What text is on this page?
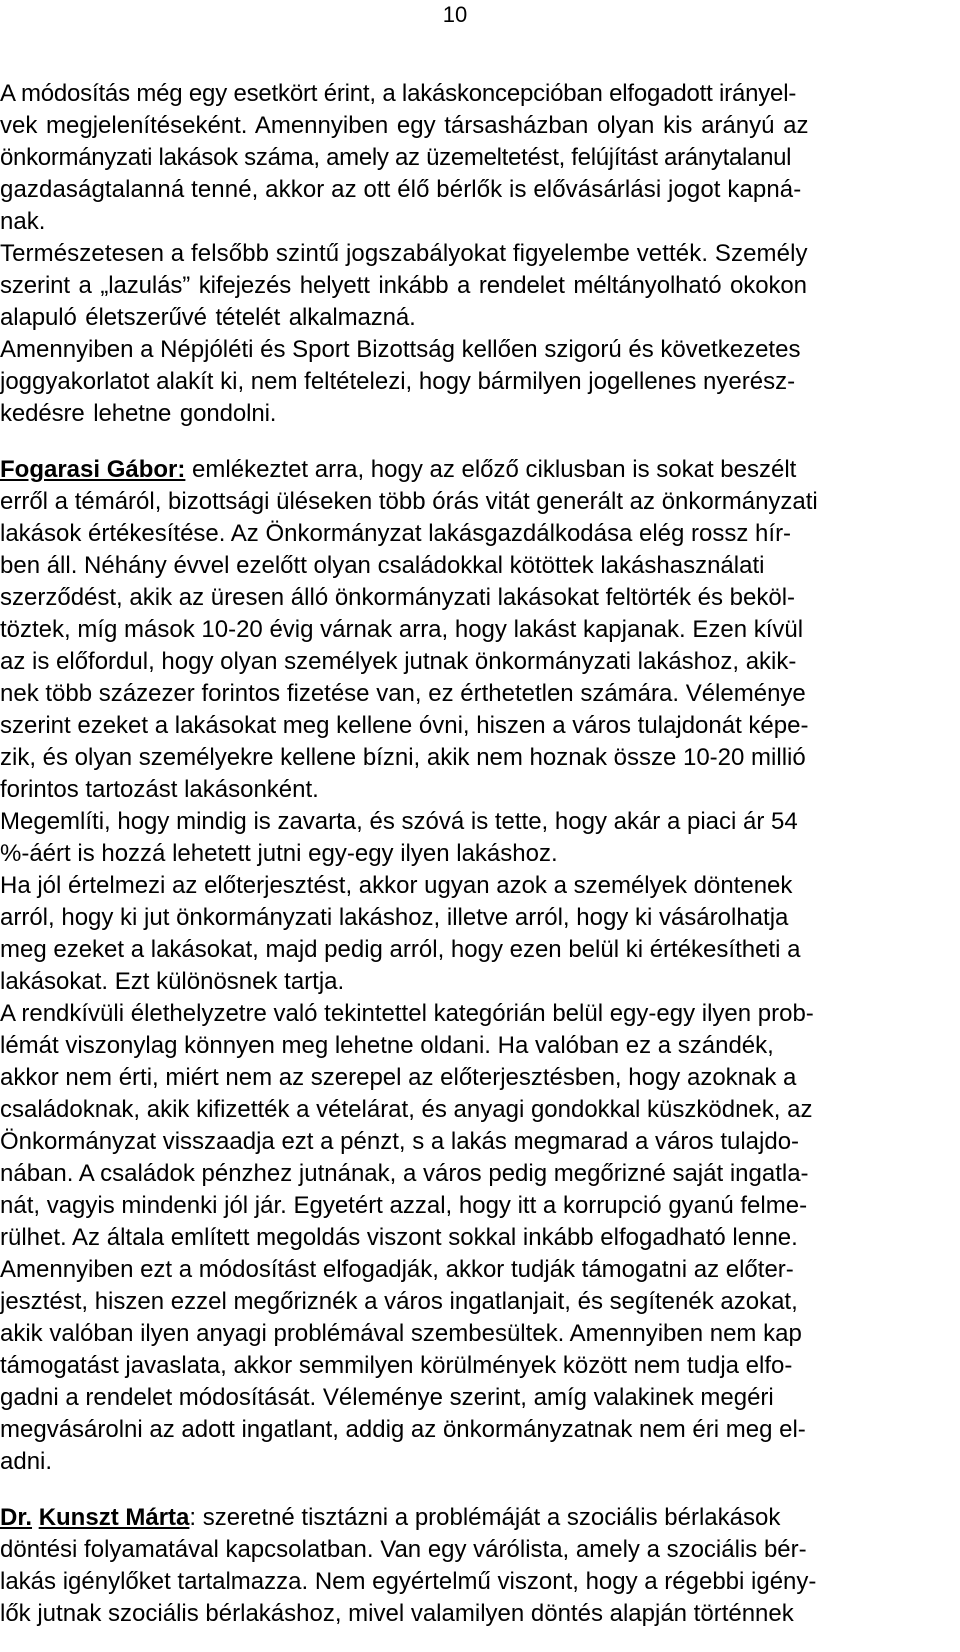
10
A módosítás még egy esetkört érint, a lakáskoncepcióban elfogadott irányel-
vek megjelenítéseként. Amennyiben egy társasházban olyan kis arányú az
önkormányzati lakások száma, amely az üzemeltetést, felújítást aránytalanul
gazdaságtalanná tenné, akkor az ott élő bérlők is elővásárlási jogot kapná-
nak.
Természetesen a felsőbb szintű jogszabályokat figyelembe vették. Személy
szerint a „lazulás” kifejezés helyett inkább a rendelet méltányolható okokon
alapuló életszerűvé tételét alkalmazná.
Amennyiben a Népjóléti és Sport Bizottság kellően szigorú és következetes
joggyakorlatot alakít ki, nem feltételezi, hogy bármilyen jogellenes nyerész-
kedésre lehetne gondolni.
Fogarasi Gábor: emlékeztet arra, hogy az előző ciklusban is sokat beszélt
erről a témáról, bizottsági üléseken több órás vitát generált az önkormányzati
lakások értékesítése. Az Önkormányzat lakásgazdálkodása elég rossz hír-
ben áll. Néhány évvel ezelőtt olyan családokkal kötöttek lakáshasználati
szerződést, akik az üresen álló önkormányzati lakásokat feltörték és beköl-
töztek, míg mások 10-20 évig várnak arra, hogy lakást kapjanak. Ezen kívül
az is előfordul, hogy olyan személyek jutnak önkormányzati lakáshoz, akik-
nek több százezer forintos fizetése van, ez érthetetlen számára. Véleménye
szerint ezeket a lakásokat meg kellene óvni, hiszen a város tulajdonát képe-
zik, és olyan személyekre kellene bízni, akik nem hoznak össze 10-20 millió
forintos tartozást lakásonként.
Megemlíti, hogy mindig is zavarta, és szóvá is tette, hogy akár a piaci ár 54
%-áért is hozzá lehetett jutni egy-egy ilyen lakáshoz.
Ha jól értelmezi az előterjesztést, akkor ugyan azok a személyek döntenek
arról, hogy ki jut önkormányzati lakáshoz, illetve arról, hogy ki vásárolhatja
meg ezeket a lakásokat, majd pedig arról, hogy ezen belül ki értékesítheti a
lakásokat. Ezt különösnek tartja.
A rendkívüli élethelyzetre való tekintettel kategórián belül egy-egy ilyen prob-
lémát viszonylag könnyen meg lehetne oldani. Ha valóban ez a szándék,
akkor nem érti, miért nem az szerepel az előterjesztésben, hogy azoknak a
családoknak, akik kifizették a vételárat, és anyagi gondokkal küszködnek, az
Önkormányzat visszaadja ezt a pénzt, s a lakás megmarad a város tulajdo-
nában. A családok pénzhez jutnának, a város pedig megőrizné saját ingatla-
nát, vagyis mindenki jól jár. Egyetért azzal, hogy itt a korrupció gyanú felme-
rülhet. Az általa említett megoldás viszont sokkal inkább elfogadható lenne.
Amennyiben ezt a módosítást elfogadják, akkor tudják támogatni az előter-
jesztést, hiszen ezzel megőriznék a város ingatlanjait, és segítenék azokat,
akik valóban ilyen anyagi problémával szembesültek. Amennyiben nem kap
támogatást javaslata, akkor semmilyen körülmények között nem tudja elfo-
gadni a rendelet módosítását. Véleménye szerint, amíg valakinek megéri
megvásárolni az adott ingatlant, addig az önkormányzatnak nem éri meg el-
adni.
Dr. Kunszt Márta: szeretné tisztázni a problémáját a szociális bérlakások
döntési folyamatával kapcsolatban. Van egy várólista, amely a szociális bér-
lakás igénylőket tartalmazza. Nem egyértelmű viszont, hogy a régebbi igény-
lők jutnak szociális bérlakáshoz, mivel valamilyen döntés alapján történnek
